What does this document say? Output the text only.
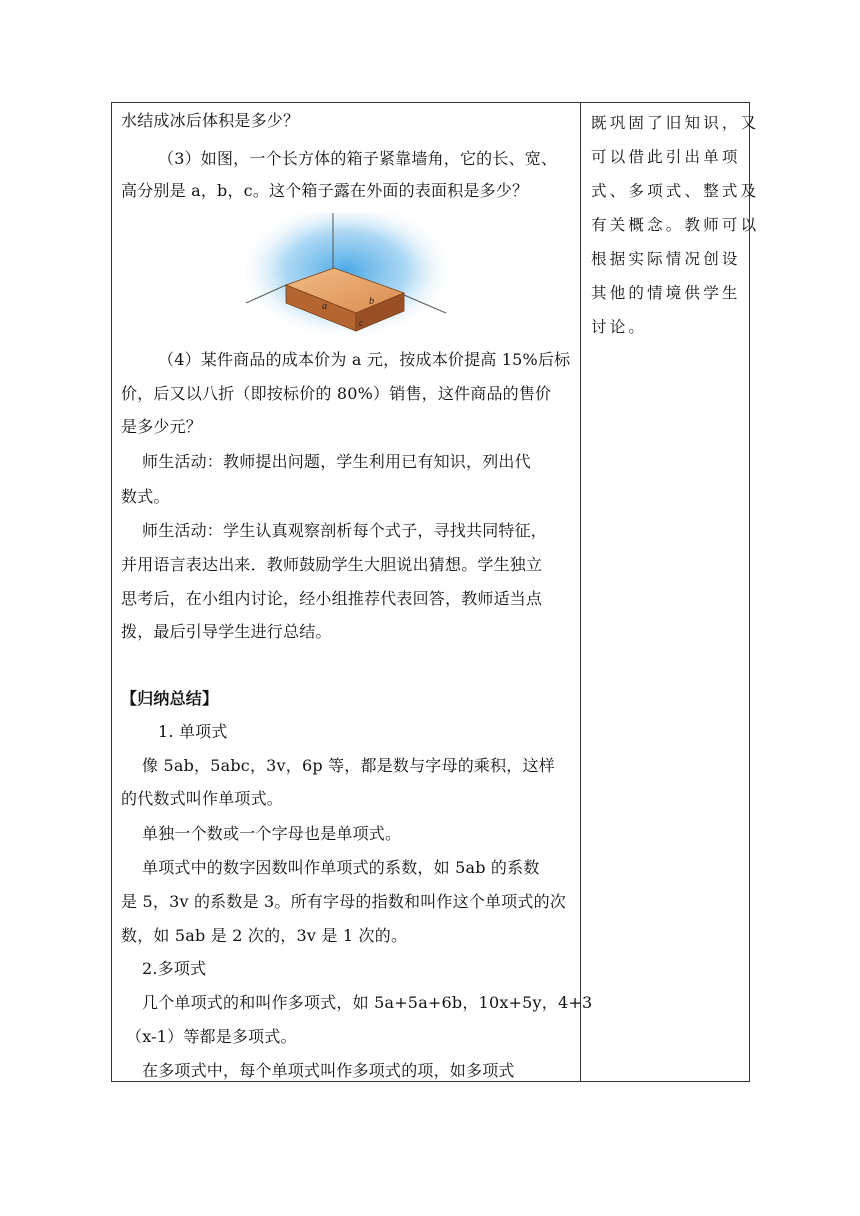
水结成冰后体积是多少？
（3）如图，一个长方体的箱子紧靠墙角，它的长、宽、
高分别是 a，b，c。这个箱子露在外面的表面积是多少？
a	b
c
（4）某件商品的成本价为 a 元，按成本价提高 15%后标
价，后又以八折（即按标价的 80%）销售，这件商品的售价
是多少元？
师生活动：教师提出问题，学生利用已有知识，列出代
数式。
师生活动：学生认真观察剖析每个式子，寻找共同特征，
并用语言表达出来．教师鼓励学生大胆说出猜想。学生独立
思考后，在小组内讨论，经小组推荐代表回答，教师适当点
拨，最后引导学生进行总结。
【归纳总结】
1. 单项式
像 5ab，5abc，3v，6p 等，都是数与字母的乘积，这样
的代数式叫作单项式。
单独一个数或一个字母也是单项式。
单项式中的数字因数叫作单项式的系数，如 5ab 的系数
是 5，3v 的系数是 3。所有字母的指数和叫作这个单项式的次
数，如 5ab 是 2 次的，3v 是 1 次的。
2.多项式
几个单项式的和叫作多项式，如 5a+5a+6b，10x+5y，4+3
（x-1）等都是多项式。
在多项式中，每个单项式叫作多项式的项，如多项式
既巩固了旧知识，又
可以借此引出单项
式、多项式、整式及
有关概念。教师可以
根据实际情况创设
其他的情境供学生
讨论。
